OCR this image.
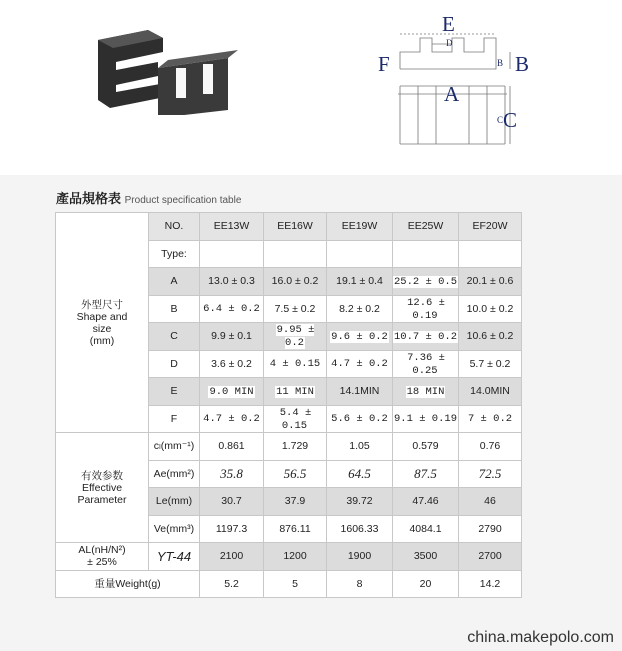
E
D
F	B B
A
C C
產品規格表 Product specification table
外型尺寸
Shape and
size
(mm)	NO.	EE13W	EE16W	EE19W	EE25W	EF20W
	Type:					
	A	13.0 ± 0.3	16.0 ± 0.2	19.1 ± 0.4	25.2 ± 0.5	20.1 ± 0.6
	B	6.4 ± 0.2	7.5 ± 0.2	8.2 ± 0.2	12.6 ± 0.19	10.0 ± 0.2
	C	9.9 ± 0.1	9.95 ± 0.2	9.6 ± 0.2	10.7 ± 0.2	10.6 ± 0.2
	D	3.6 ± 0.2	4 ± 0.15	4.7 ± 0.2	7.36 ± 0.25	5.7 ± 0.2
	E	9.0 MIN	11 MIN	14.1MIN	18 MIN	14.0MIN
	F	4.7 ± 0.2	5.4 ± 0.15	5.6 ± 0.2	9.1 ± 0.19	7 ± 0.2

有效参数
Effective
Parameter	cₗ(mm⁻¹)	0.861	1.729	1.05	0.579	0.76
	Ae(mm²)	35.8	56.5	64.5	87.5	72.5
	Le(mm)	30.7	37.9	39.72	47.46	46
	Ve(mm³)	1197.3	876.11	1606.33	4084.1	2790

AL(nH/N²)
± 25%	YT-44	2100	1200	1900	3500	2700
重量Weight(g)		5.2	5	8	20	14.2
china.makepolo.com
